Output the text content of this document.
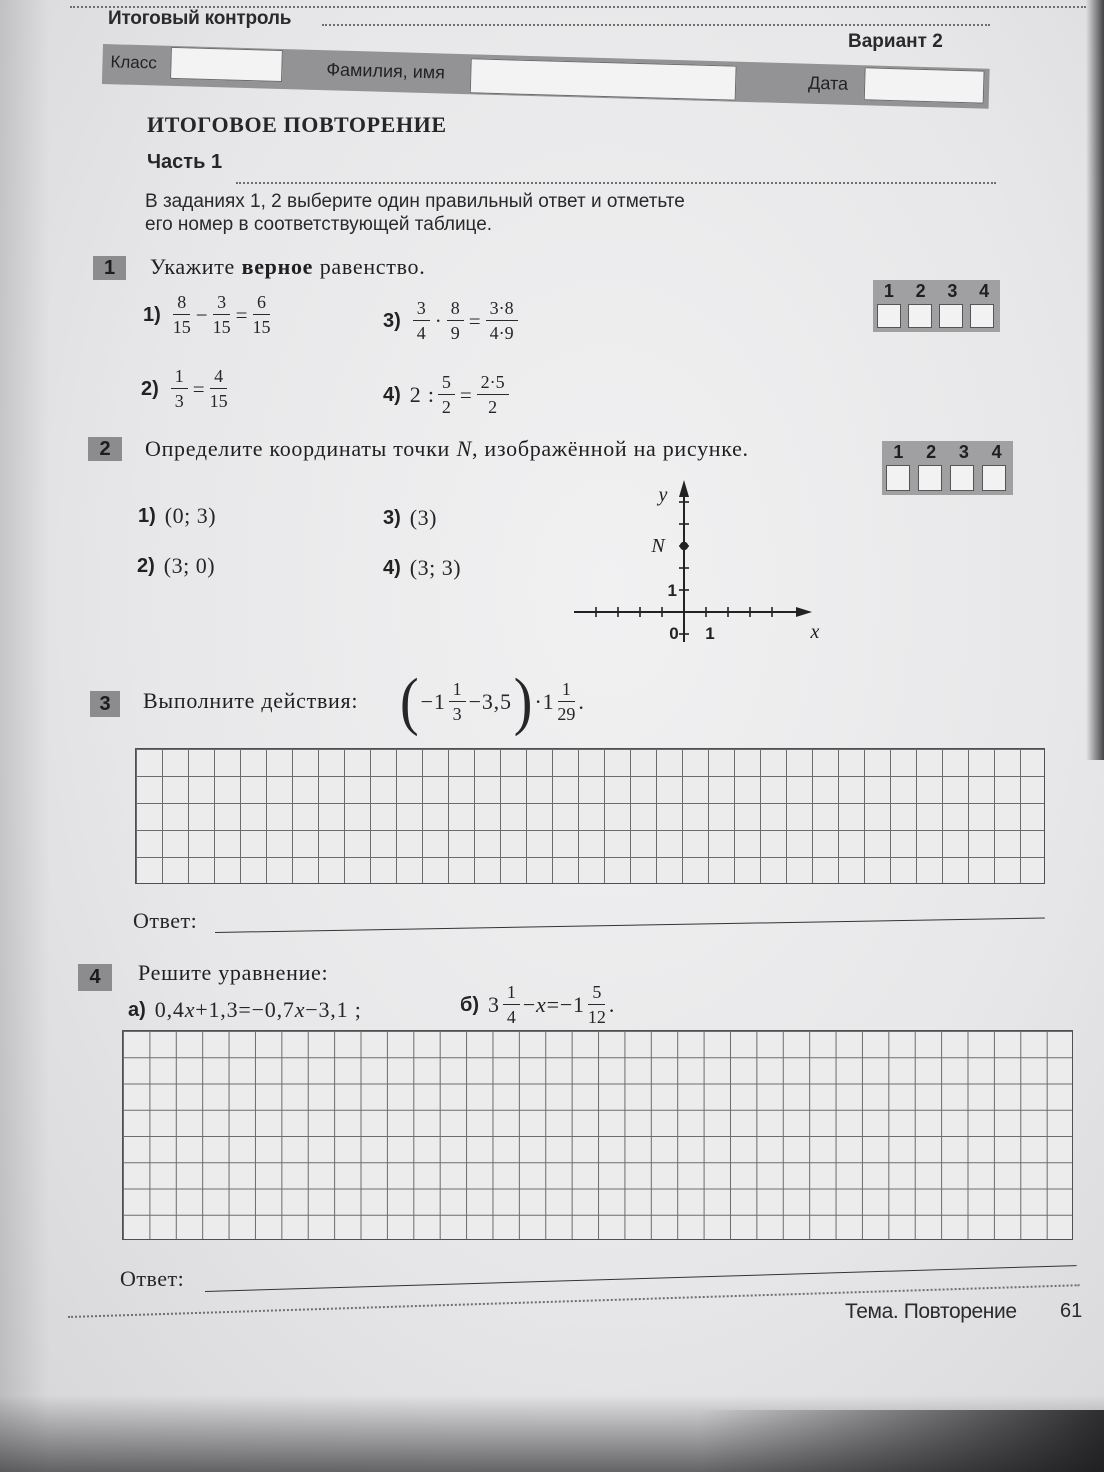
Итоговый контроль
Вариант 2
Класс	Фамилия, имя
Дата
ИТОГОВОЕ ПОВТОРЕНИЕ
Часть 1
В заданиях 1, 2 выберите один правильный ответ и отметьте
его номер в соответствующей таблице.
1	Укажите верное равенство.
$1) \frac{8}{15} - \frac{3}{15} = \frac{6}{15}$	$3) \frac{3}{4} \cdot \frac{8}{9} = \frac{3\cdot 8}{4\cdot 9}$
$2) \frac{1}{3} = \frac{4}{15}$	4) 2 : $\frac{5}{2} = \frac{2\cdot 5}{2}$
1	2	3	4
2	Определите координаты точки N, изображённой на рисунке.
1) (0; 3)	3) (3)
2) (3; 0)	4) (3; 3)
y
x
N
1
0 1
1	2	3	4
3	Выполните действия: ( $-1 \frac{1}{3} -3,5$ ) $\cdot 1 \frac{1}{29}$ .
Ответ:
4	Решите уравнение:
а) 0,4 x +1,3=−0,7 x −3,1 ;	б) $3 \frac{1}{4} - x =-1 \frac{5}{12}$ .
Ответ:
Тема. Повторение 61
